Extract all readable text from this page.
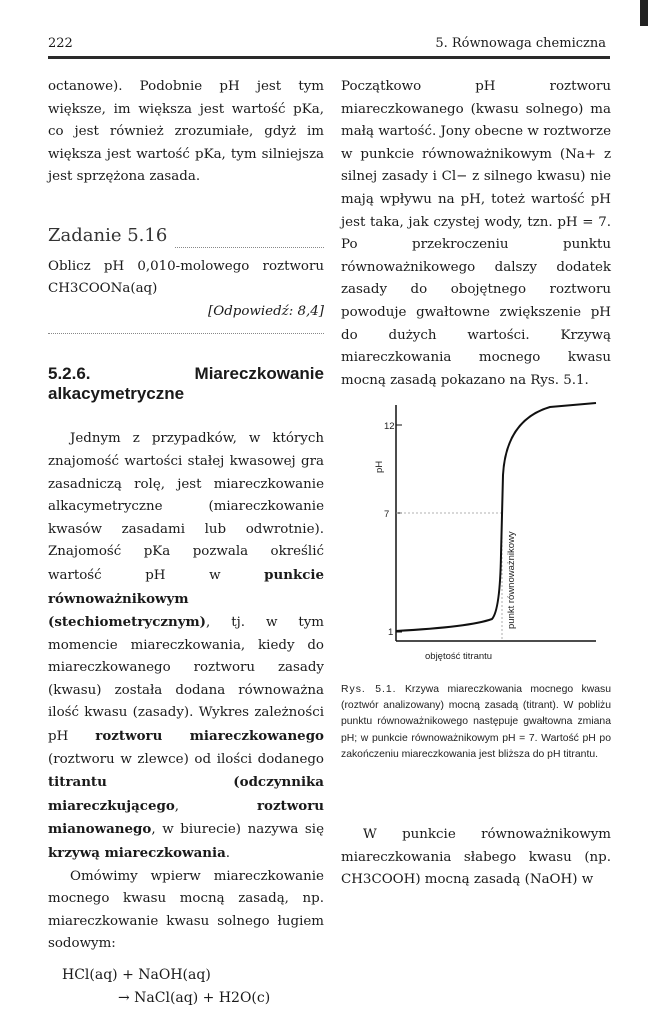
222	5. Równowaga chemiczna

octanowe). Podobnie pH jest tym większe, im większa jest wartość pKa, co jest również zrozumiałe, gdyż im większa jest wartość pKa, tym silniejsza jest sprzężona zasada.

Zadanie 5.16

Oblicz pH 0,010-molowego roztworu CH3COONa(aq)

[Odpowiedź: 8,4]

5.2.6.	Miareczkowanie alkacymetryczne

Jednym z przypadków, w których znajomość wartości stałej kwasowej gra zasadniczą rolę, jest miareczkowanie alkacymetryczne (miareczkowanie kwasów zasadami lub odwrotnie). Znajomość pKa pozwala określić wartość pH w punkcie równoważnikowym (stechiometrycznym), tj. w tym momencie miareczkowania, kiedy do miareczkowanego roztworu zasady (kwasu) została dodana równoważna ilość kwasu (zasady). Wykres zależności pH roztworu miareczkowanego (roztworu w zlewce) od ilości dodanego titrantu (odczynnika miareczkującego, roztworu mianowanego, w biurecie) nazywa się krzywą miareczkowania.

Omówimy wpierw miareczkowanie mocnego kwasu mocną zasadą, np. miareczkowanie kwasu solnego ługiem sodowym:

HCl(aq) + NaOH(aq)
→ NaCl(aq) + H2O(c)

Początkowo pH roztworu miareczkowanego (kwasu solnego) ma małą wartość. Jony obecne w roztworze w punkcie równoważnikowym (Na+ z silnej zasady i Cl− z silnego kwasu) nie mają wpływu na pH, toteż wartość pH jest taka, jak czystej wody, tzn. pH = 7. Po przekroczeniu punktu równoważnikowego dalszy dodatek zasady do obojętnego roztworu powoduje gwałtowne zwiększenie pH do dużych wartości. Krzywą miareczkowania mocnego kwasu mocną zasadą pokazano na Rys. 5.1.

12
7
1
pH
punkt równoważnikowy
objętość titrantu

Rys. 5.1. Krzywa miareczkowania mocnego kwasu (roztwór analizowany) mocną zasadą (titrant). W pobliżu punktu równoważnikowego następuje gwałtowna zmiana pH; w punkcie równoważnikowym pH = 7. Wartość pH po zakończeniu miareczkowania jest bliższa do pH titrantu.

W punkcie równoważnikowym miareczkowania słabego kwasu (np. CH3COOH) mocną zasadą (NaOH) w
